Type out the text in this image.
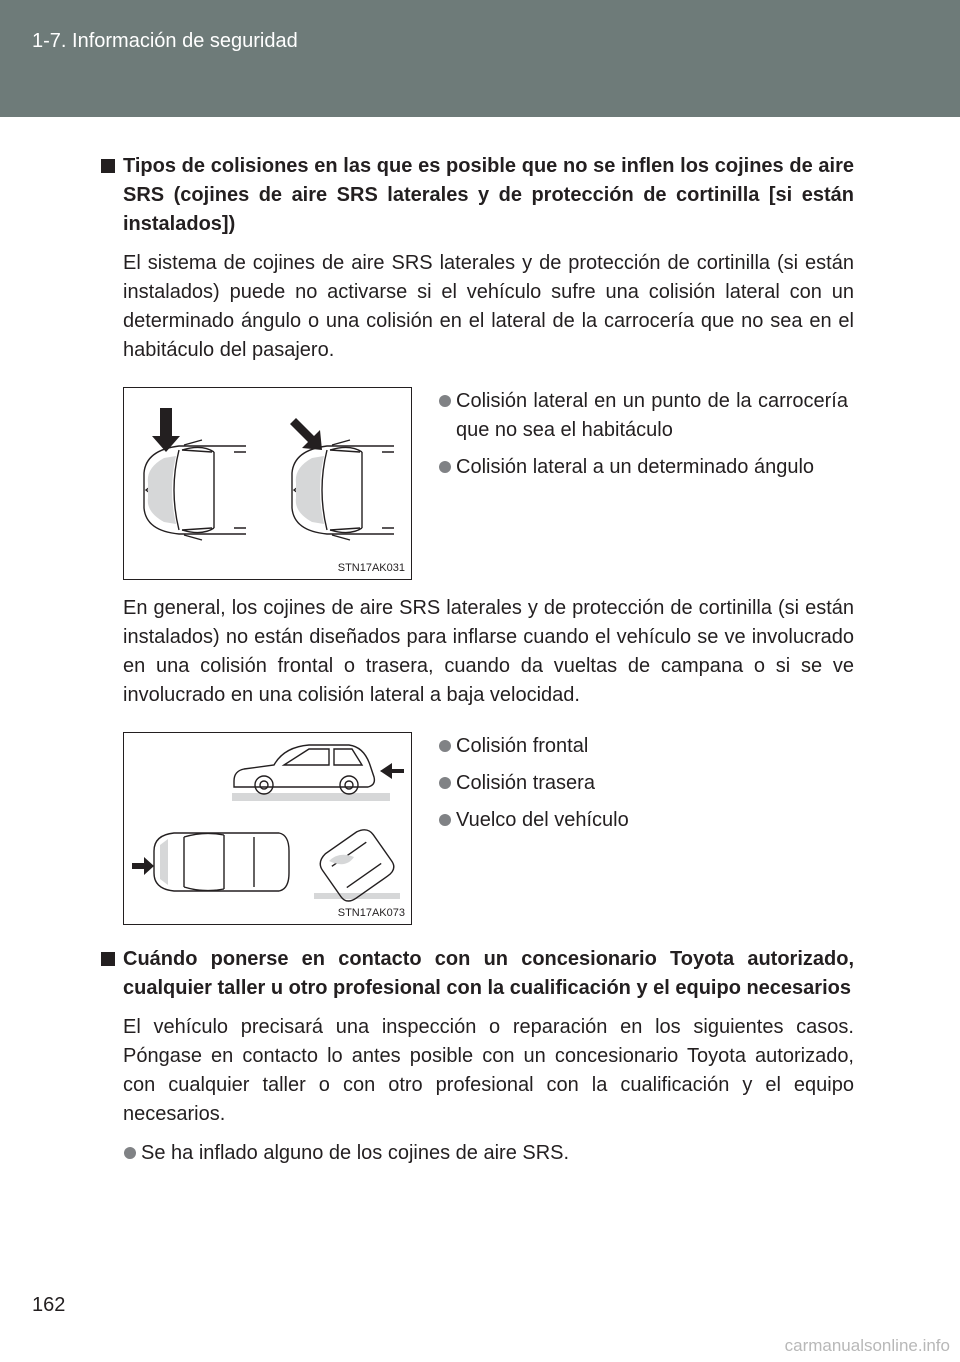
1-7. Información de seguridad

Tipos de colisiones en las que es posible que no se inflen los cojines de aire SRS (cojines de aire SRS laterales y de protección de cortinilla [si están instalados])

El sistema de cojines de aire SRS laterales y de protección de cortinilla (si están instalados) puede no activarse si el vehículo sufre una colisión lateral con un determinado ángulo o una colisión en el lateral de la carrocería que no sea en el habitáculo del pasajero.

STN17AK031

Colisión lateral en un punto de la carrocería que no sea el habitáculo

Colisión lateral a un determinado ángulo

En general, los cojines de aire SRS laterales y de protección de cortinilla (si están instalados) no están diseñados para inflarse cuando el vehículo se ve involucrado en una colisión frontal o trasera, cuando da vueltas de campana o si se ve involucrado en una colisión lateral a baja velocidad.

STN17AK073

Colisión frontal

Colisión trasera

Vuelco del vehículo

Cuándo ponerse en contacto con un concesionario Toyota autorizado, cualquier taller u otro profesional con la cualificación y el equipo necesarios

El vehículo precisará una inspección o reparación en los siguientes casos. Póngase en contacto lo antes posible con un concesionario Toyota autorizado, con cualquier taller o con otro profesional con la cualificación y el equipo necesarios.

Se ha inflado alguno de los cojines de aire SRS.

162
carmanualsonline.info
